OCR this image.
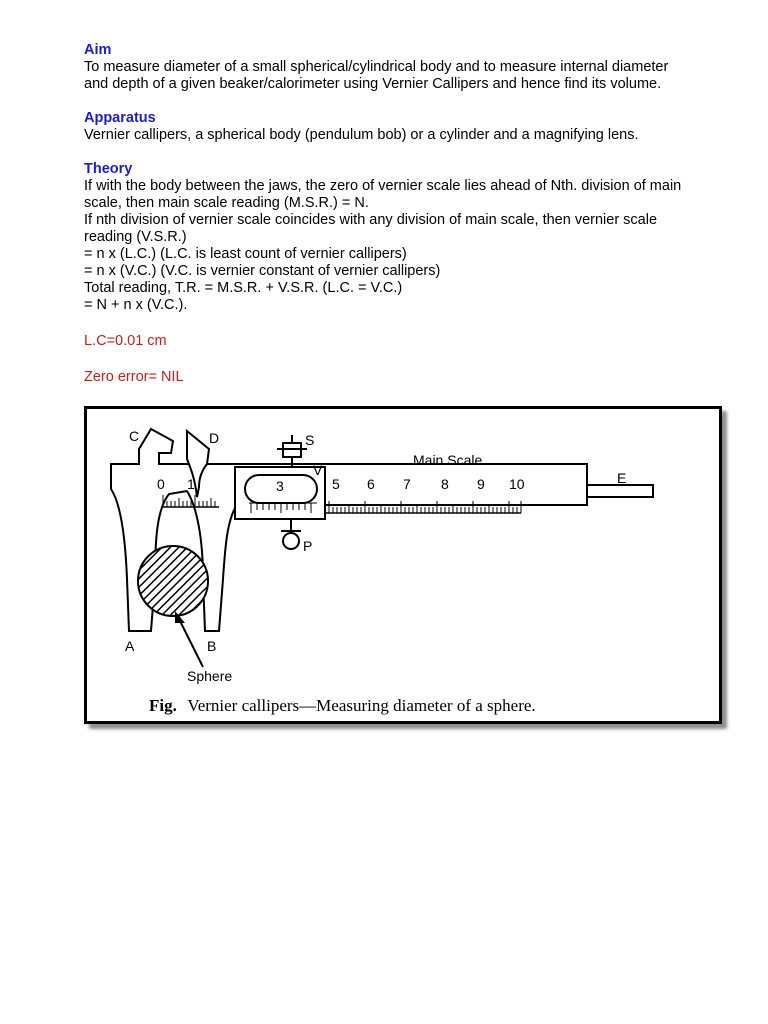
Aim

To measure diameter of a small spherical/cylindrical body and to measure internal diameter

and depth of a given beaker/calorimeter using Vernier Callipers and hence find its volume.

Apparatus

Vernier callipers, a spherical body (pendulum bob) or a cylinder and a magnifying lens.

Theory

If with the body between the jaws, the zero of vernier scale lies ahead of Nth. division of main

scale, then main scale reading (M.S.R.) = N.

If nth division of vernier scale coincides with any division of main scale, then vernier scale

reading (V.S.R.)

= n x (L.C.) (L.C. is least count of vernier callipers)

= n x (V.C.) (V.C. is vernier constant of vernier callipers)

Total reading, T.R. = M.S.R. + V.S.R. (L.C. = V.C.)

= N + n x (V.C.).

L.C=0.01 cm

Zero error= NIL

C	D	S
V	E
P
A	B
Main Scale
Sphere
0 1	3	5 6 7 8 9 10
Fig. Vernier callipers—Measuring diameter of a sphere.
